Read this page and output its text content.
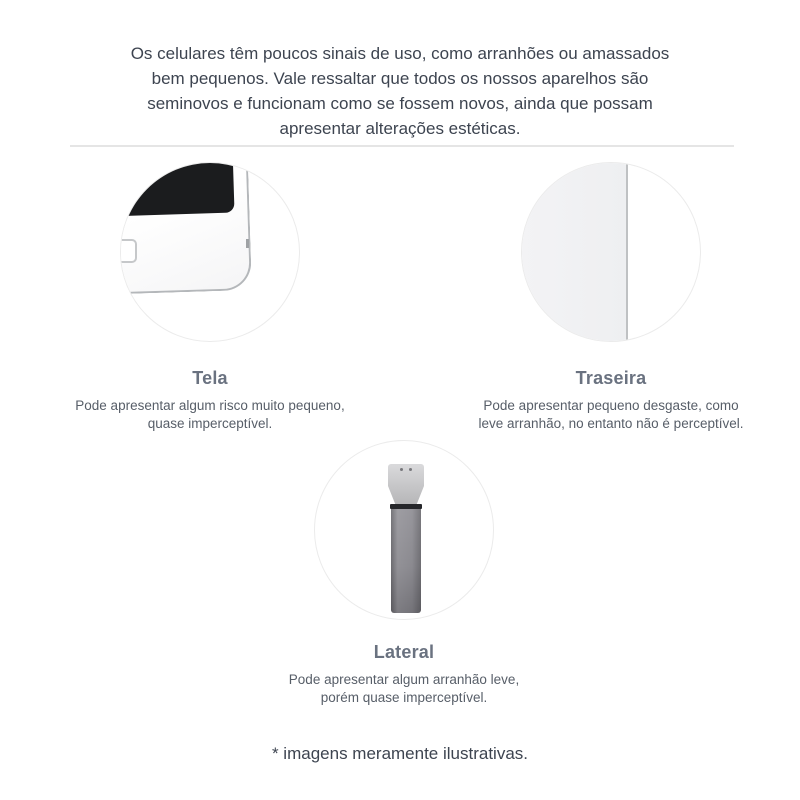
Os celulares têm poucos sinais de uso, como arranhões ou amassados
bem pequenos. Vale ressaltar que todos os nossos aparelhos são
seminovos e funcionam como se fossem novos, ainda que possam
apresentar alterações estéticas.
Tela

Pode apresentar algum risco muito pequeno,
quase imperceptível.

Traseira

Pode apresentar pequeno desgaste, como
leve arranhão, no entanto não é perceptível.

Lateral

Pode apresentar algum arranhão leve,
porém quase imperceptível.

* imagens meramente ilustrativas.
